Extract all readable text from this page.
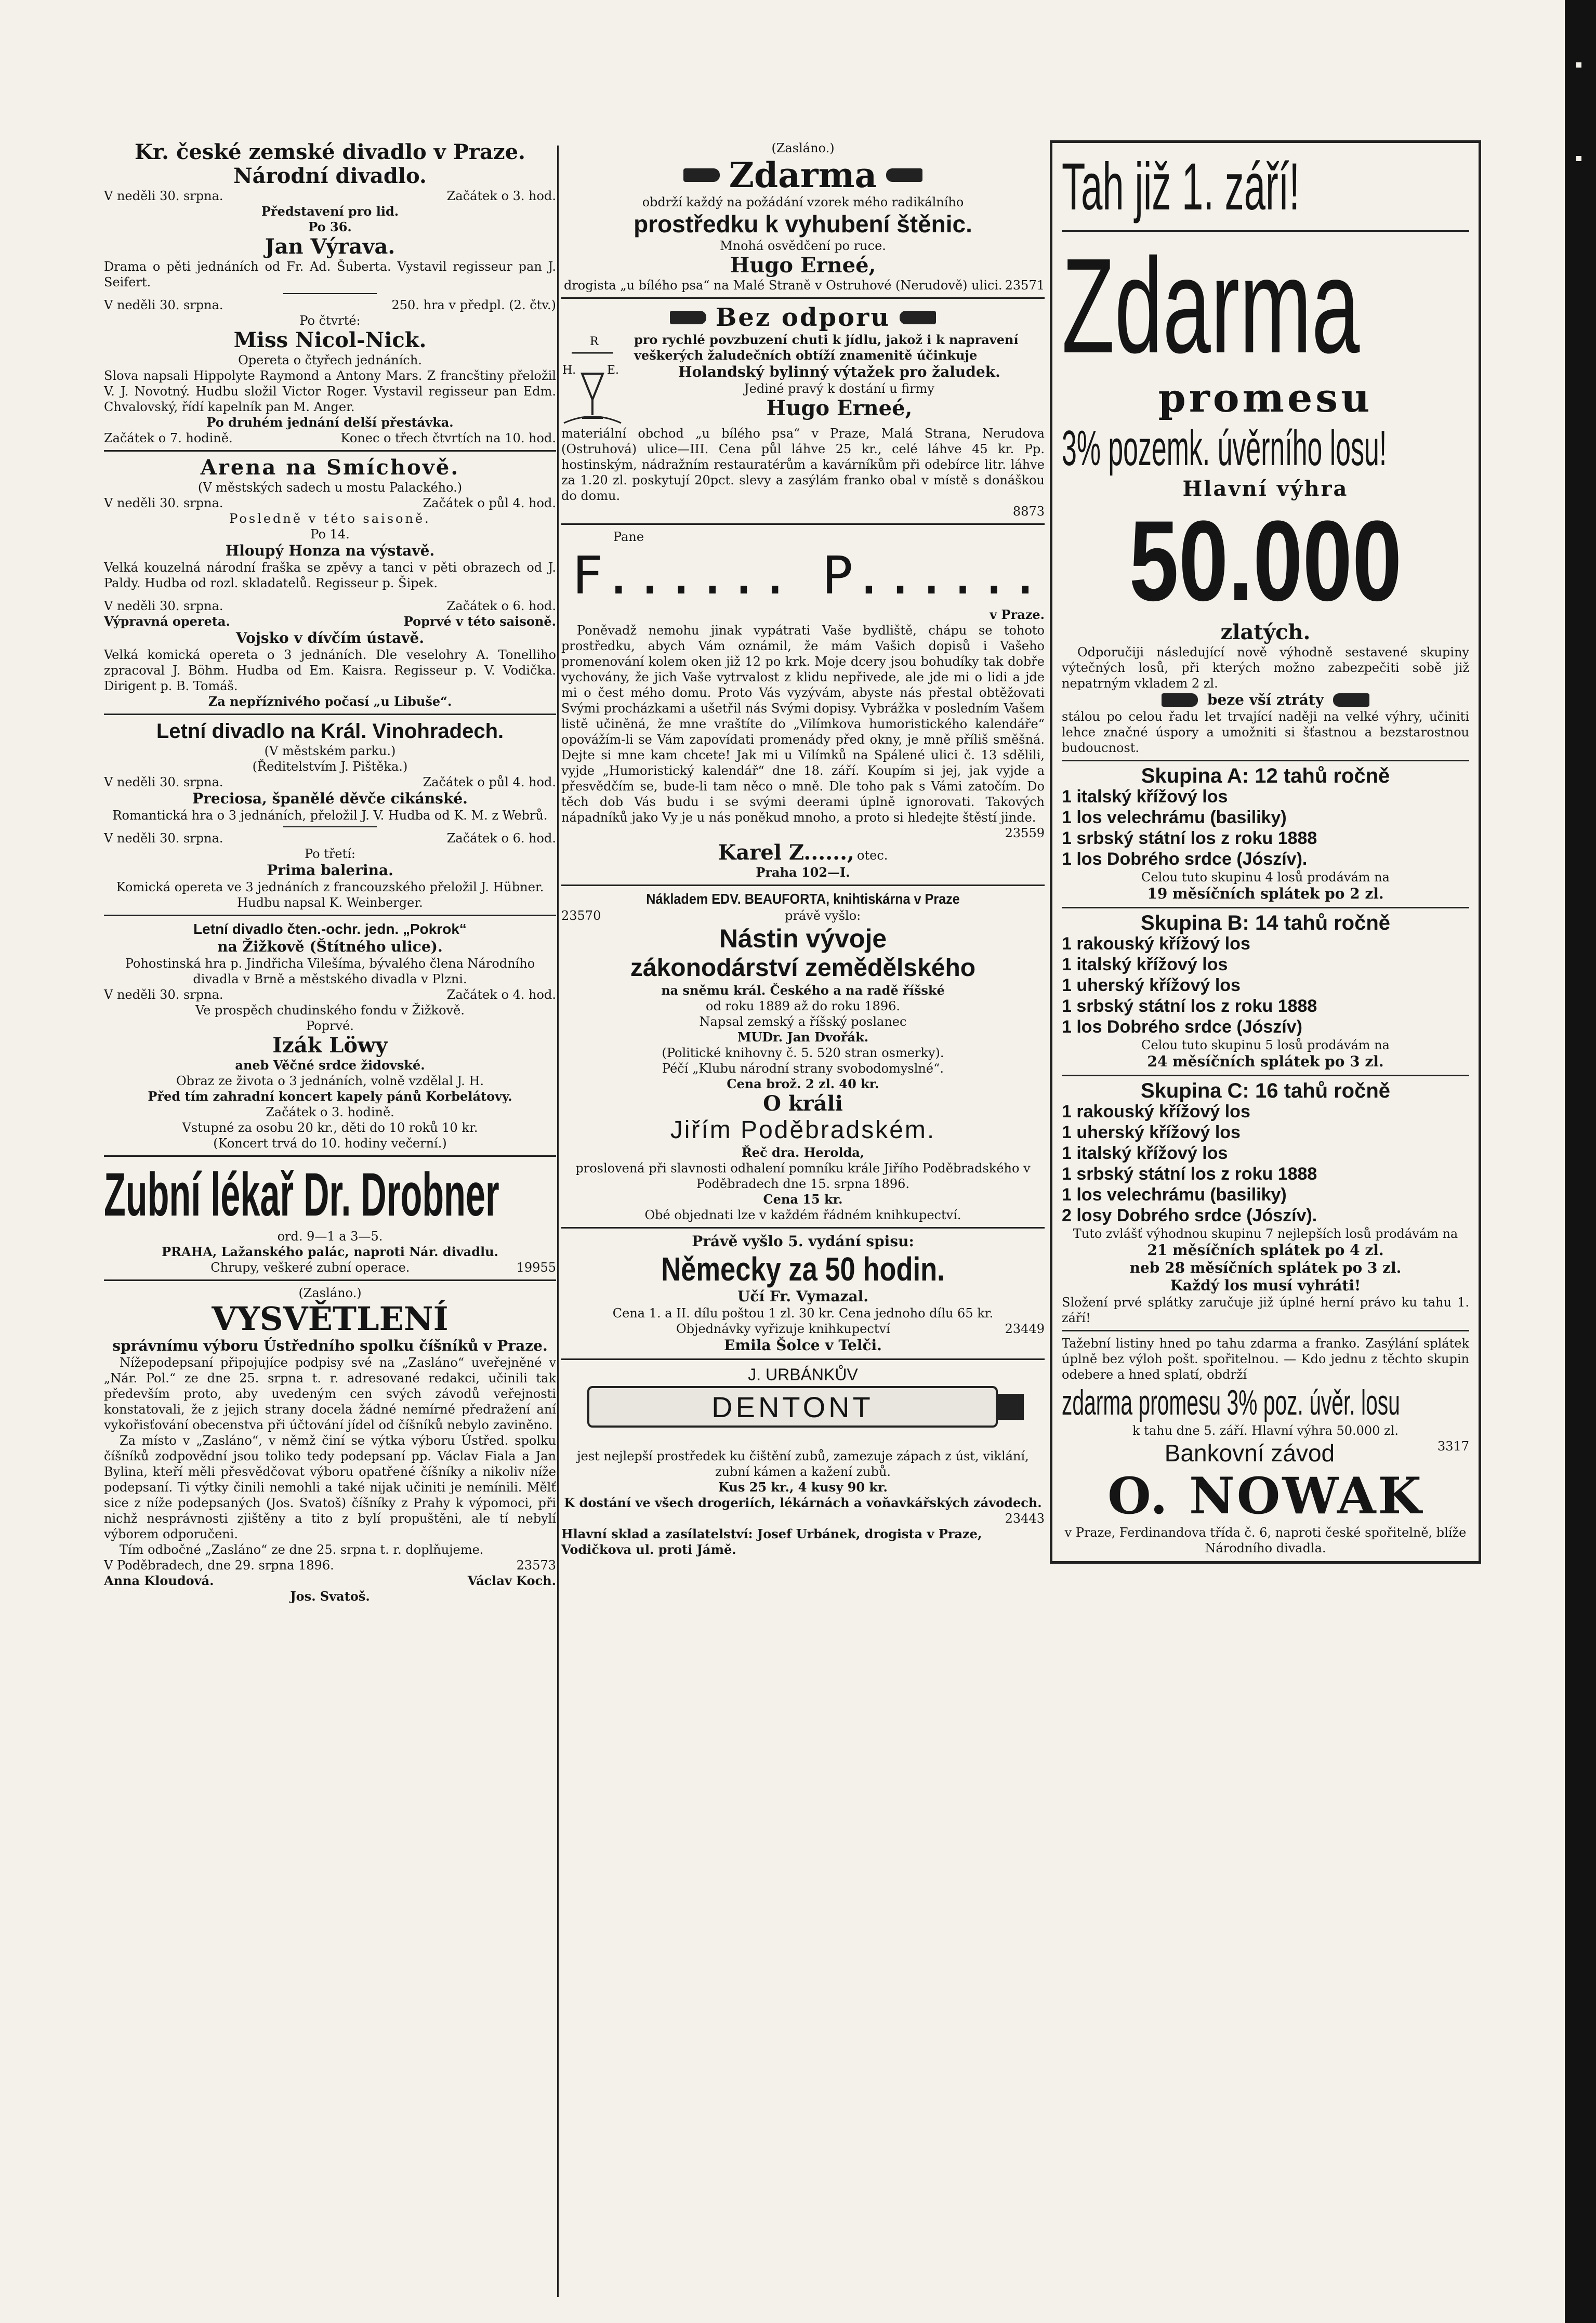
Kr. české zemské divadlo v Praze.
Národní divadlo.
V neděli 30. srpna.	Začátek o 3. hod.
Představení pro lid.
Po 36.
Jan Výrava.
Drama o pěti jednáních od Fr. Ad. Šuberta. Vystavil regisseur pan J. Seifert.
V neděli 30. srpna.	250. hra v předpl. (2. čtv.)
Po čtvrté:
Miss Nicol-Nick.
Opereta o čtyřech jednáních.
Slova napsali Hippolyte Raymond a Antony Mars. Z francštiny přeložil V. J. Novotný. Hudbu složil Victor Roger. Vystavil regisseur pan Edm. Chvalovský, řídí kapelník pan M. Anger.
Po druhém jednání delší přestávka.
Začátek o 7. hodině.	Konec o třech čtvrtích na 10. hod.
Arena na Smíchově.
(V městských sadech u mostu Palackého.)
V neděli 30. srpna.	Začátek o půl 4. hod.
Posledně v této saisoně.
Po 14.
Hloupý Honza na výstavě.
Velká kouzelná národní fraška se zpěvy a tanci v pěti obrazech od J. Paldy. Hudba od rozl. skladatelů. Regisseur p. Šipek.
V neděli 30. srpna.	Začátek o 6. hod.
Výpravná opereta.	Poprvé v této saisoně.
Vojsko v dívčím ústavě.
Velká komická opereta o 3 jednáních. Dle veselohry A. Tonelliho zpracoval J. Böhm. Hudba od Em. Kaisra. Regisseur p. V. Vodička. Dirigent p. B. Tomáš.
Za nepříznivého počasí „u Libuše“.
Letní divadlo na Král. Vinohradech.
(V městském parku.)
(Ředitelstvím J. Pištěka.)
V neděli 30. srpna.	Začátek o půl 4. hod.
Preciosa, španělé děvče cikánské.
Romantická hra o 3 jednáních, přeložil J. V. Hudba od K. M. z Webrů.
V neděli 30. srpna.	Začátek o 6. hod.
Po třetí:
Prima balerina.
Komická opereta ve 3 jednáních z francouzského přeložil J. Hübner. Hudbu napsal K. Weinberger.
Letní divadlo čten.-ochr. jedn. „Pokrok“
na Žižkově (Štítného ulice).
Pohostinská hra p. Jindřicha Vilešíma, bývalého člena Národního divadla v Brně a městského divadla v Plzni.
V neděli 30. srpna.	Začátek o 4. hod.
Ve prospěch chudinského fondu v Žižkově.
Poprvé.
Izák Löwy
aneb Věčné srdce židovské.
Obraz ze života o 3 jednáních, volně vzdělal J. H.
Před tím zahradní koncert kapely pánů Korbelátovy.
Začátek o 3. hodině.
Vstupné za osobu 20 kr., děti do 10 roků 10 kr.
(Koncert trvá do 10. hodiny večerní.)
Zubní lékař Dr. Drobner
ord. 9—1 a 3—5.
PRAHA, Lažanského palác, naproti Nár. divadlu.
Chrupy, veškeré zubní operace.	19955
(Zasláno.)
VYSVĚTLENÍ
správnímu výboru Ústředního spolku číšníků v Praze.
Nížepodepsaní připojujíce podpisy své na „Zasláno“ uveřejněné v „Nár. Pol.“ ze dne 25. srpna t. r. adresované redakci, učinili tak především proto, aby uvedeným cen svých závodů veřejnosti konstatovali, že z jejich strany docela žádné nemírné předražení aní vykořisťování obecenstva při účtování jídel od číšníků nebylo zaviněno.
Za místo v „Zasláno“, v němž činí se výtka výboru Ústřed. spolku číšníků zodpovědní jsou toliko tedy podepsaní pp. Václav Fiala a Jan Bylina, kteří měli přesvědčovat výboru opatřené číšníky a nikoliv níže podepsaní. Ti výtky činili nemohli a také nijak učiniti je nemínili. Mělť sice z níže podepsaných (Jos. Svatoš) číšníky z Prahy k výpomoci, při nichž nesprávnosti zjištěny a tito z bylí propuštěni, ale tí nebylí výborem odporučeni.
Tím odbočné „Zasláno“ ze dne 25. srpna t. r. doplňujeme.
V Poděbradech, dne 29. srpna 1896.	23573
Anna Kloudová.	Václav Koch.
Jos. Svatoš.
(Zasláno.)
Zdarma
obdrží každý na požádání vzorek mého radikálního
prostředku k vyhubení štěnic.
Mnohá osvědčení po ruce.
Hugo Erneé,
drogista „u bílého psa“ na Malé Straně v Ostruhové (Nerudově) ulici. 23571
Bez odporu
R
H.	E.
pro rychlé povzbuzení chuti k jídlu, jakož i k napravení veškerých žaludečních obtíží znamenitě účinkuje
Holandský bylinný výtažek pro žaludek.
Jediné pravý k dostání u firmy
Hugo Erneé,
materiální obchod „u bílého psa“ v Praze, Malá Strana, Nerudova (Ostruhová) ulice—III. Cena půl láhve 25 kr., celé láhve 45 kr. Pp. hostinským, nádražním restauratérům a kavárníkům při odebírce litr. láhve za 1.20 zl. poskytují 20pct. slevy a zasýlám franko obal v místě s donáškou do domu.
8873
Pane
F...... P......
v Praze.
Poněvadž nemohu jinak vypátrati Vaše bydliště, chápu se tohoto prostředku, abych Vám oznámil, že mám Vašich dopisů i Vašeho promenování kolem oken již 12 po krk. Moje dcery jsou bohudíky tak dobře vychovány, že jich Vaše vytrvalost z klidu nepřivede, ale jde mi o lidi a jde mi o čest mého domu. Proto Vás vyzývám, abyste nás přestal obtěžovati Svými procházkami a ušetřil nás Svými dopisy. Vybrážka v posledním Vašem listě učiněná, že mne vraštíte do „Vilímkova humoristického kalendáře“ opovážím-li se Vám zapovídati promenády před okny, je mně příliš směšná. Dejte si mne kam chcete! Jak mi u Vilímků na Spálené ulici č. 13 sdělili, vyjde „Humoristický kalendář“ dne 18. září. Koupím si jej, jak vyjde a přesvědčím se, bude-li tam něco o mně. Dle toho pak s Vámi zatočím. Do těch dob Vás budu i se svými deerami úplně ignorovati. Takových nápadníků jako Vy je u nás poněkud mnoho, a proto si hledejte štěstí jinde.
23559
Karel Z......, otec.
Praha 102—I.
Nákladem EDV. BEAUFORTA, knihtiskárna v Praze
23570	právě vyšlo:
Nástin vývoje
zákonodárství zemědělského
na sněmu král. Českého a na radě říšské
od roku 1889 až do roku 1896.
Napsal zemský a říšský poslanec
MUDr. Jan Dvořák.
(Politické knihovny č. 5. 520 stran osmerky).
Péčí „Klubu národní strany svobodomyslné“.
Cena brož. 2 zl. 40 kr.
O králi
Jiřím Poděbradském.
Řeč dra. Herolda,
proslovená při slavnosti odhalení pomníku krále Jiřího Poděbradského v Poděbradech dne 15. srpna 1896.
Cena 15 kr.
Obé objednati lze v každém řádném knihkupectví.
Právě vyšlo 5. vydání spisu:
Německy za 50 hodin.
Učí Fr. Vymazal.
Cena 1. a II. dílu poštou 1 zl. 30 kr. Cena jednoho dílu 65 kr.
Objednávky vyřizuje knihkupectví	23449
Emila Šolce v Telči.
J. URBÁNKŮV
DENTONT
jest nejlepší prostředek ku čištění zubů, zamezuje zápach z úst, viklání, zubní kámen a kažení zubů.
Kus 25 kr., 4 kusy 90 kr.
K dostání ve všech drogeriích, lékárnách a voňavkářských závodech.
23443
Hlavní sklad a zasílatelství: Josef Urbánek, drogista v Praze, Vodičkova ul. proti Jámě.
Tah již 1. září!
Zdarma
promesu
3% pozemk. úvěrního losu!
Hlavní výhra
50.000
zlatých.
Odporučiji následující nově výhodně sestavené skupiny výtečných losů, při kterých možno zabezpečiti sobě již nepatrným vkladem 2 zl.
beze vší ztráty
stálou po celou řadu let trvající naději na velké výhry, učiniti lehce značné úspory a umožniti si šťastnou a bezstarostnou budoucnost.
Skupina A: 12 tahů ročně
1 italský křížový los
1 los velechrámu (basiliky)
1 srbský státní los z roku 1888
1 los Dobrého srdce (Jószív).
Celou tuto skupinu 4 losů prodávám na
19 měsíčních splátek po 2 zl.
Skupina B: 14 tahů ročně
1 rakouský křížový los
1 italský křížový los
1 uherský křížový los
1 srbský státní los z roku 1888
1 los Dobrého srdce (Jószív)
Celou tuto skupinu 5 losů prodávám na
24 měsíčních splátek po 3 zl.
Skupina C: 16 tahů ročně
1 rakouský křížový los
1 uherský křížový los
1 italský křížový los
1 srbský státní los z roku 1888
1 los velechrámu (basiliky)
2 losy Dobrého srdce (Jószív).
Tuto zvlášť výhodnou skupinu 7 nejlepších losů prodávám na
21 měsíčních splátek po 4 zl.
neb 28 měsíčních splátek po 3 zl.
Každý los musí vyhráti!
Složení prvé splátky zaručuje již úplné herní právo ku tahu 1. září!
Tažební listiny hned po tahu zdarma a franko. Zasýlání splátek úplně bez výloh pošt. spořitelnou. — Kdo jednu z těchto skupin odebere a hned splatí, obdrží
zdarma promesu 3% poz. úvěr. losu
k tahu dne 5. září. Hlavní výhra 50.000 zl.
Bankovní závod	3317
O. NOWAK
v Praze, Ferdinandova třída č. 6, naproti české spořitelně, blíže Národního divadla.
